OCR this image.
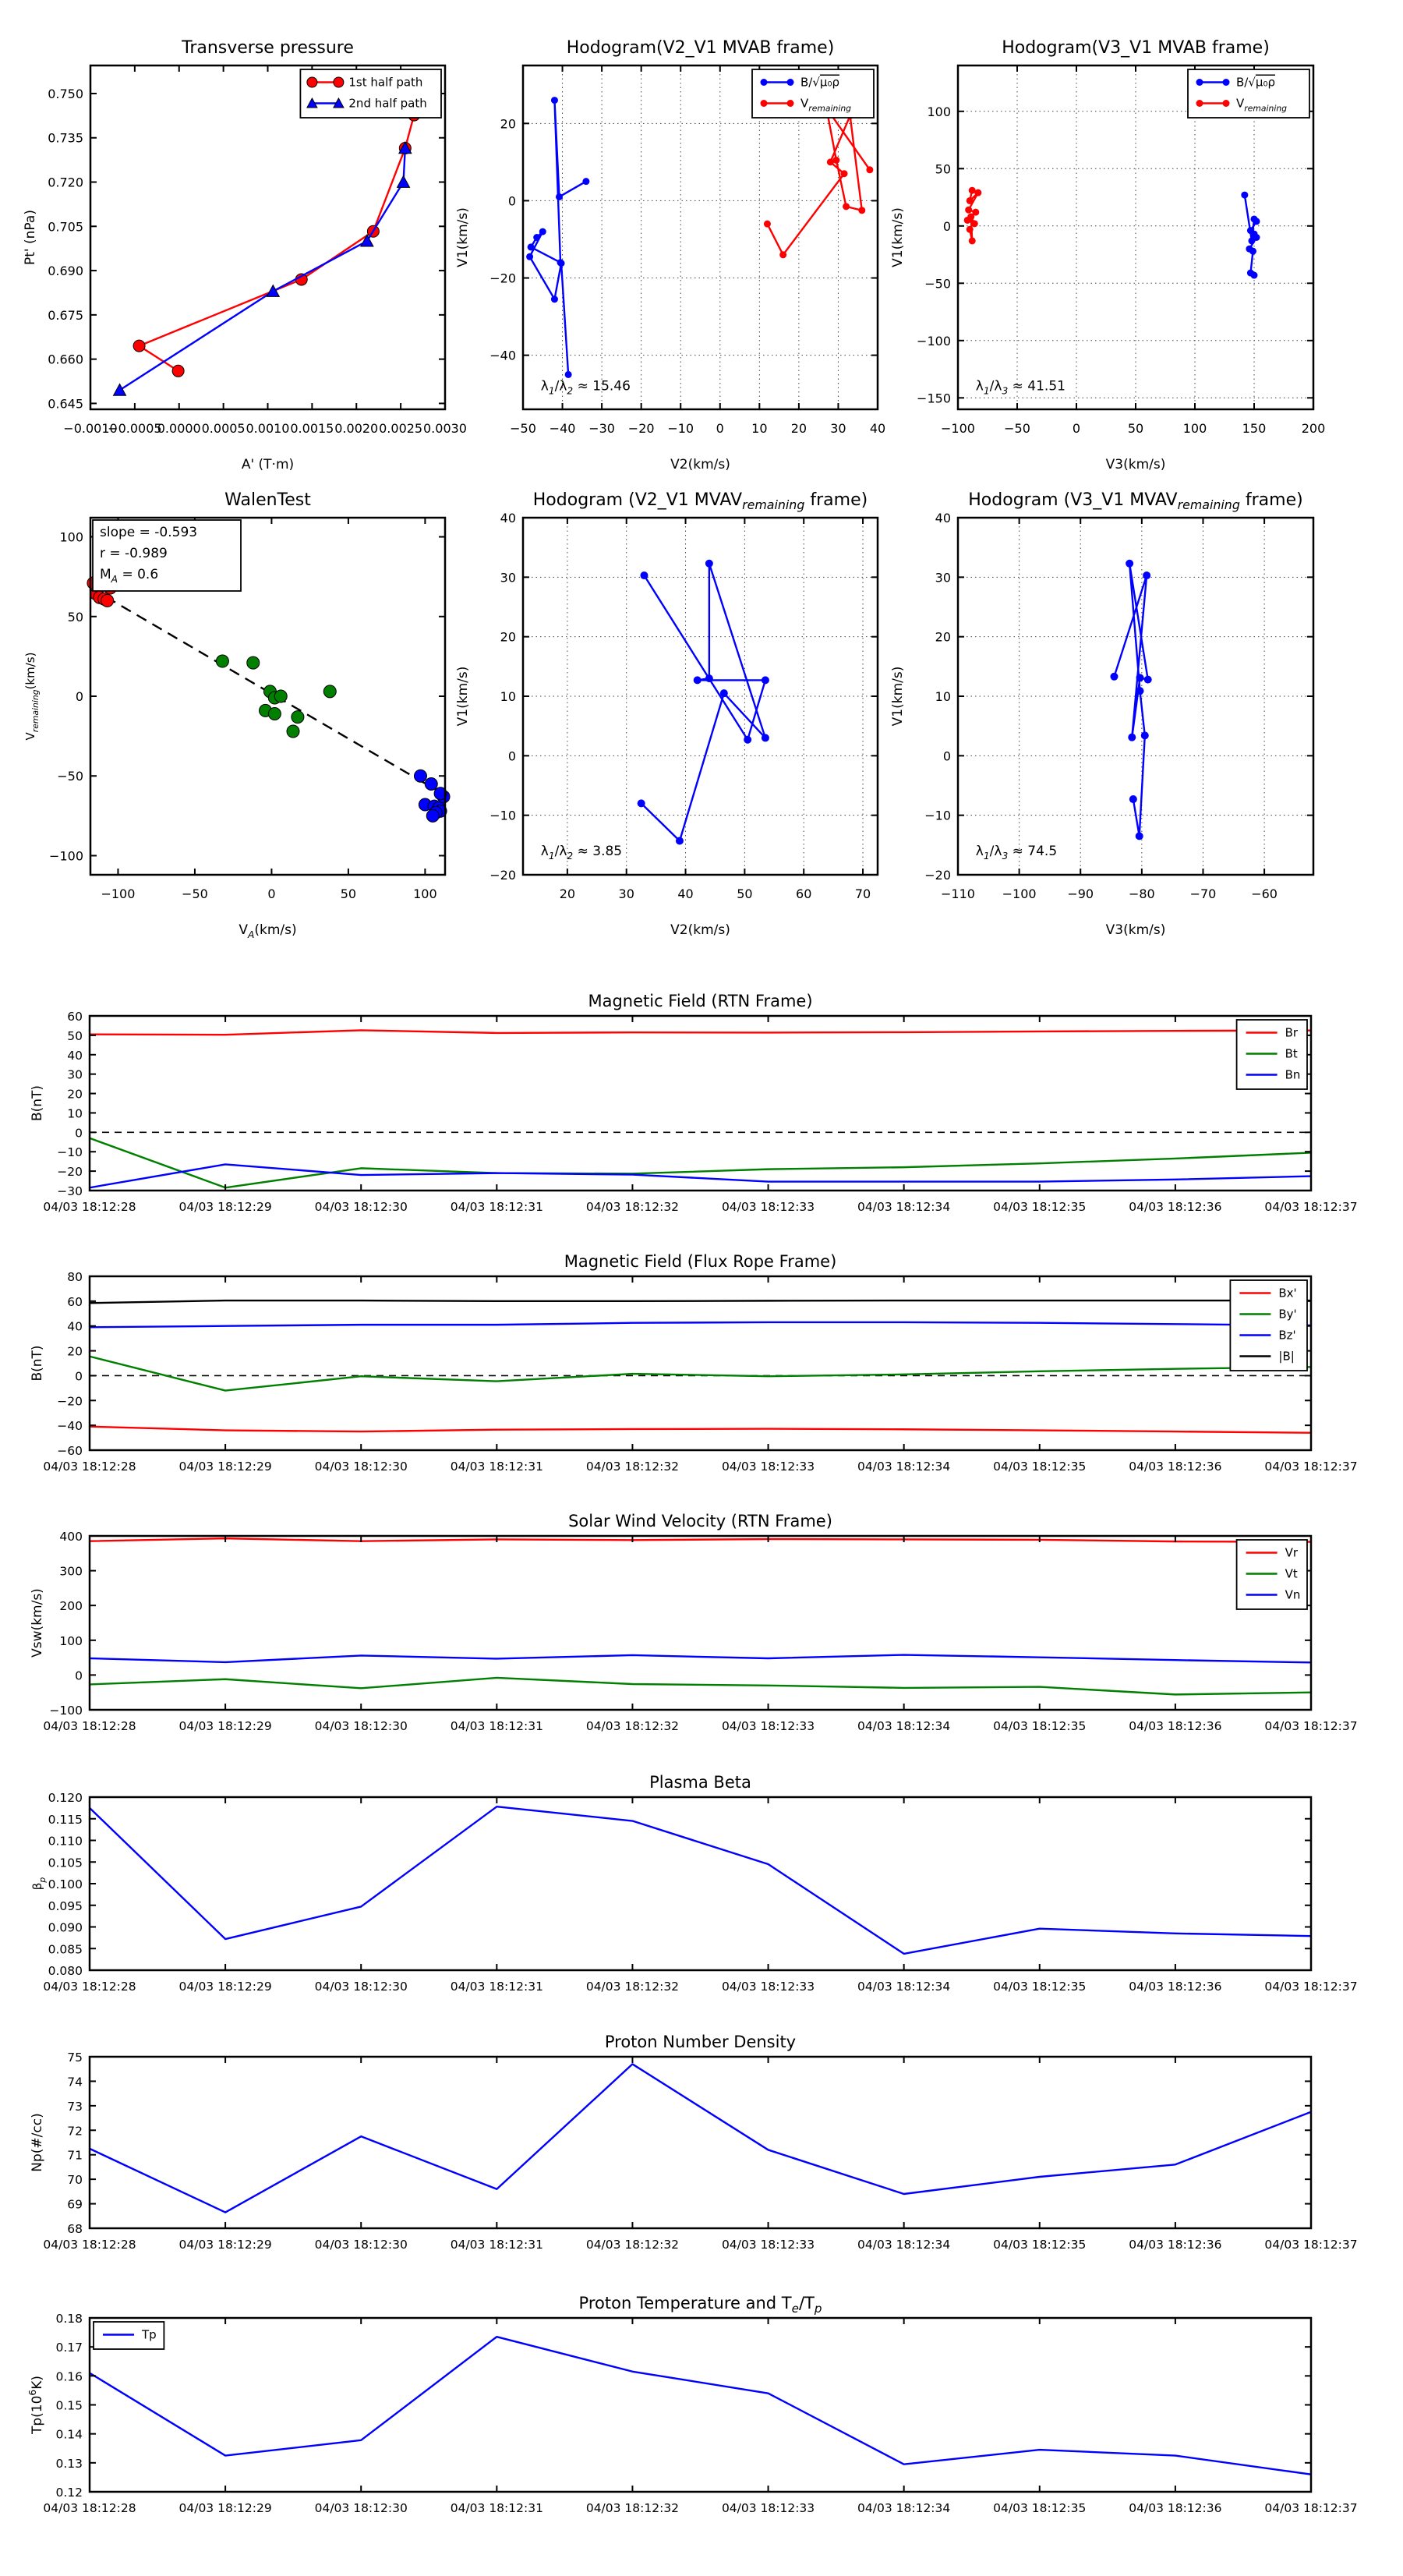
−0.0010
−0.0005
0.0000 0.0005 0.0010 0.0015 0.0020 0.0025 0.0030
0.645
0.660
0.675
0.690
0.705
0.720
0.735
0.750
Transverse pressure
A' (T·m)
Pt' (nPa)
1st half path
2nd half path
−50 −40 −30 −20 −10 0 10 20 30 40
−40
−20
0
20
Hodogram(V2_V1 MVAB frame)
V2(km/s)
V1(km/s)
$\lambda_1/\lambda_2 \approx 15.46$
B/√μ₀ρ
$V_{remaining}$
−100 −50	0	50	100	150	200
−150
−100
−50
0
50
100
Hodogram(V3_V1 MVAB frame)
V3(km/s)
V1(km/s)
$\lambda_1/\lambda_3 \approx 41.51$
B/√μ₀ρ
$V_{remaining}$
−100	−50	0	50	100
−100
−50
0
50
100
WalenTest
$V_A(km/s)$
$V_{remaining}(km/s)$
slope = -0.593
r = -0.989
$M_A = 0.6$
20	30	40	50	60	70
−20
−10
0
10
20
30
40
Hodogram (V2_V1 $MVAV_{remaining}$ frame)
V2(km/s)
V1(km/s)
$\lambda_1/\lambda_2 \approx 3.85$
−110 −100 −90	−80	−70	−60
−20
−10
0
10
20
30
40
Hodogram (V3_V1 $MVAV_{remaining}$ frame)
V3(km/s)
V1(km/s)
$\lambda_1/\lambda_3 \approx 74.5$
04/03 18:12:28	04/03 18:12:29	04/03 18:12:30	04/03 18:12:31	04/03 18:12:32	04/03 18:12:33	04/03 18:12:34	04/03 18:12:35	04/03 18:12:36	04/03 18:12:37
−30
−20
−10
0
10
20
30
40
50
60
Magnetic Field (RTN Frame)
B(nT)
Br
Bt
Bn
04/03 18:12:28	04/03 18:12:29	04/03 18:12:30	04/03 18:12:31	04/03 18:12:32	04/03 18:12:33	04/03 18:12:34	04/03 18:12:35	04/03 18:12:36	04/03 18:12:37
−60
−40
−20
0
20
40
60
80
Magnetic Field (Flux Rope Frame)
B(nT)
Bx'
By'
Bz'
|B|
04/03 18:12:28	04/03 18:12:29	04/03 18:12:30	04/03 18:12:31	04/03 18:12:32	04/03 18:12:33	04/03 18:12:34	04/03 18:12:35	04/03 18:12:36	04/03 18:12:37
−100
0
100
200
300
400
Solar Wind Velocity (RTN Frame)
Vsw(km/s)
Vr
Vt
Vn
04/03 18:12:28	04/03 18:12:29	04/03 18:12:30	04/03 18:12:31	04/03 18:12:32	04/03 18:12:33	04/03 18:12:34	04/03 18:12:35	04/03 18:12:36	04/03 18:12:37
0.080
0.085
0.090
0.095
0.100
0.105
0.110
0.115
0.120
Plasma Beta
$\beta_p$
04/03 18:12:28	04/03 18:12:29	04/03 18:12:30	04/03 18:12:31	04/03 18:12:32	04/03 18:12:33	04/03 18:12:34	04/03 18:12:35	04/03 18:12:36	04/03 18:12:37
68
69
70
71
72
73
74
75
Proton Number Density
Np(#/cc)
04/03 18:12:28	04/03 18:12:29	04/03 18:12:30	04/03 18:12:31	04/03 18:12:32	04/03 18:12:33	04/03 18:12:34	04/03 18:12:35	04/03 18:12:36	04/03 18:12:37
0.12
0.13
0.14
0.15
0.16
0.17
0.18
Proton Temperature and $T_e/T_p$
$Tp(10^6K)$
Tp
